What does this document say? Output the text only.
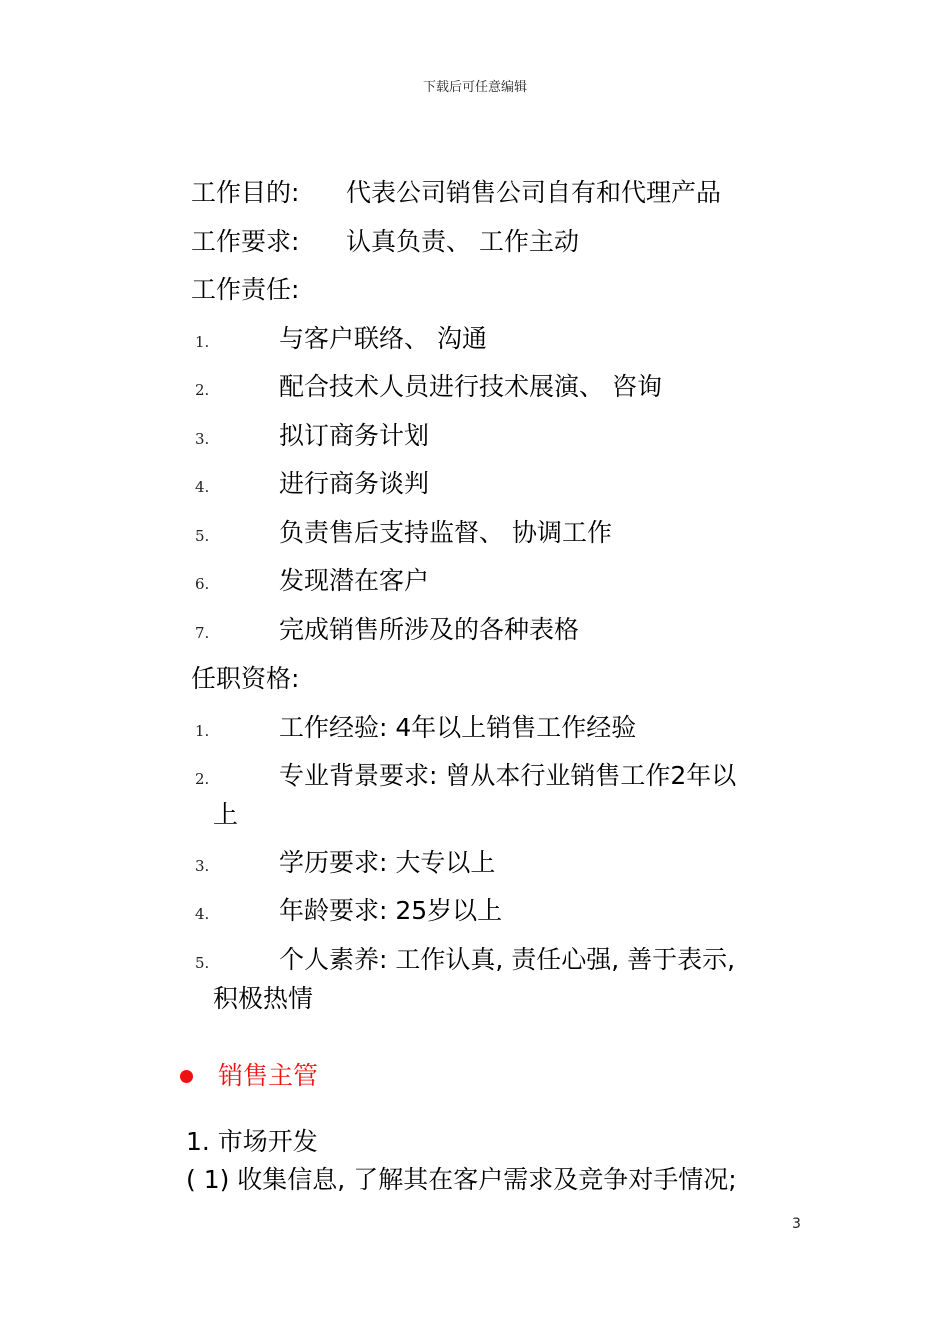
下载后可任意编辑
工作目的: 代表公司销售公司自有和代理产品
工作要求: 认真负责、 工作主动
工作责任:
1.	与客户联络、 沟通
2.	配合技术人员进行技术展演、 咨询
3.	拟订商务计划
4.	进行商务谈判
5.	负责售后支持监督、 协调工作
6.	发现潜在客户
7.	完成销售所涉及的各种表格
任职资格:
1.	工作经验: 4年以上销售工作经验
2.	专业背景要求: 曾从本行业销售工作2年以
上
3.	学历要求: 大专以上
4.	年龄要求: 25岁以上
5.	个人素养: 工作认真, 责任心强, 善于表示,
积极热情
销售主管
1. 市场开发
( 1) 收集信息, 了解其在客户需求及竞争对手情况;
3
